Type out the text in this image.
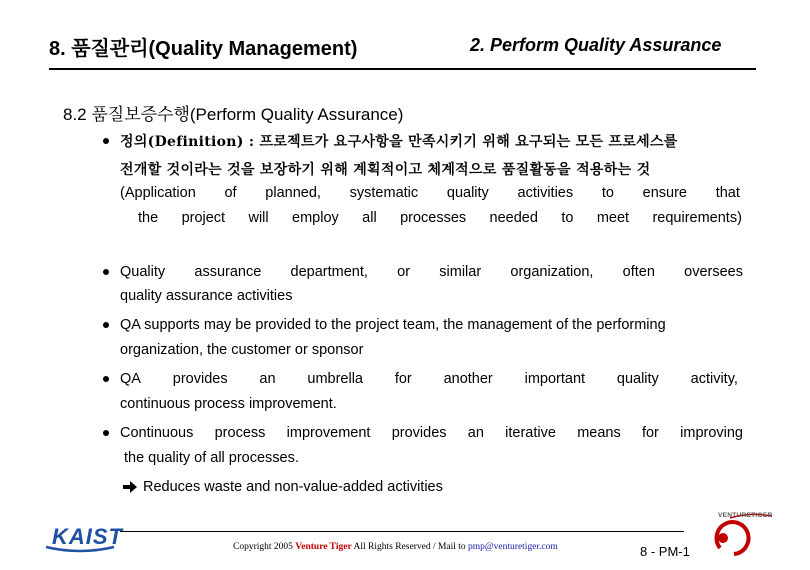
8. 품질관리(Quality Management)	2. Perform Quality Assurance
8.2 품질보증수행(Perform Quality Assurance)
정의(Definition) : 프로젝트가 요구사항을 만족시키기 위해 요구되는 모든 프로세스를
전개할 것이라는 것을 보장하기 위해 계획적이고 체계적으로 품질활동을 적용하는 것
(Application of planned, systematic quality activities to ensure that
the project will employ all processes needed to meet requirements)
Quality assurance department, or similar organization, often oversees
quality assurance activities
QA supports may be provided to the project team, the management of the performing
organization, the customer or sponsor
QA provides an umbrella for another important quality activity,
continuous process improvement.
Continuous process improvement provides an iterative means for improving
the quality of all processes.
Reduces waste and non-value-added activities
KAIST	Copyright 2005 Venture Tiger All Rights Reserved / Mail to pmp@venturetiger.com	8 - PM-1
VENTURETIGER
